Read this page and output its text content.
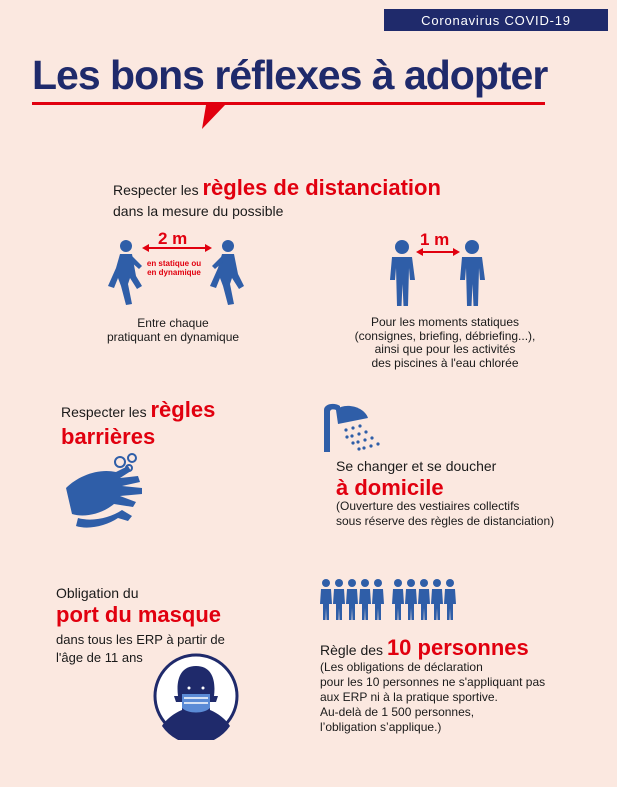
Coronavirus COVID-19
Les bons réflexes à adopter
Respecter les règles de distanciation
dans la mesure du possible
2 m
en statique ou
en dynamique
Entre chaque
pratiquant en dynamique
1 m
Pour les moments statiques
(consignes, briefing, débriefing...),
ainsi que pour les activités
des piscines à l'eau chlorée
Respecter les règles
barrières
Se changer et se doucher
à domicile
(Ouverture des vestiaires collectifs
sous réserve des règles de distanciation)
Obligation du
port du masque
dans tous les ERP à partir de
l'âge de 11 ans	Règle des 10 personnes
(Les obligations de déclaration
pour les 10 personnes ne s'appliquant pas
aux ERP ni à la pratique sportive.
Au-delà de 1 500 personnes,
l’obligation s’applique.)
